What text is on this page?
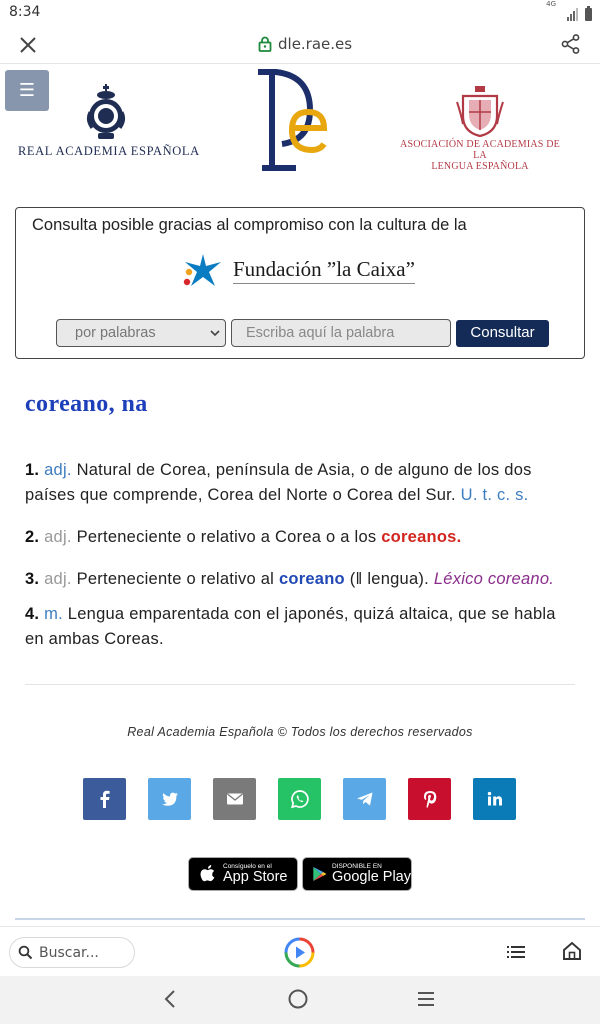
8:34	4G
dle.rae.es
☰
REAL ACADEMIA ESPAÑOLA	ASOCIACIÓN DE ACADEMIAS DE LA
LENGUA ESPAÑOLA
Consulta posible gracias al compromiso con la cultura de la
Fundación ”la Caixa”
por palabras	Escriba aquí la palabra	Consultar
coreano, na
1. adj. Natural de Corea, península de Asia, o de alguno de los dos países que comprende, Corea del Norte o Corea del Sur. U. t. c. s.
2. adj. Perteneciente o relativo a Corea o a los coreanos.
3. adj. Perteneciente o relativo al coreano (‖ lengua). Léxico coreano.
4. m. Lengua emparentada con el japonés, quizá altaica, que se habla en ambas Coreas.
Real Academia Española © Todos los derechos reservados
Consíguelo en el
App Store
DISPONIBLE EN
Google Play
Buscar...
